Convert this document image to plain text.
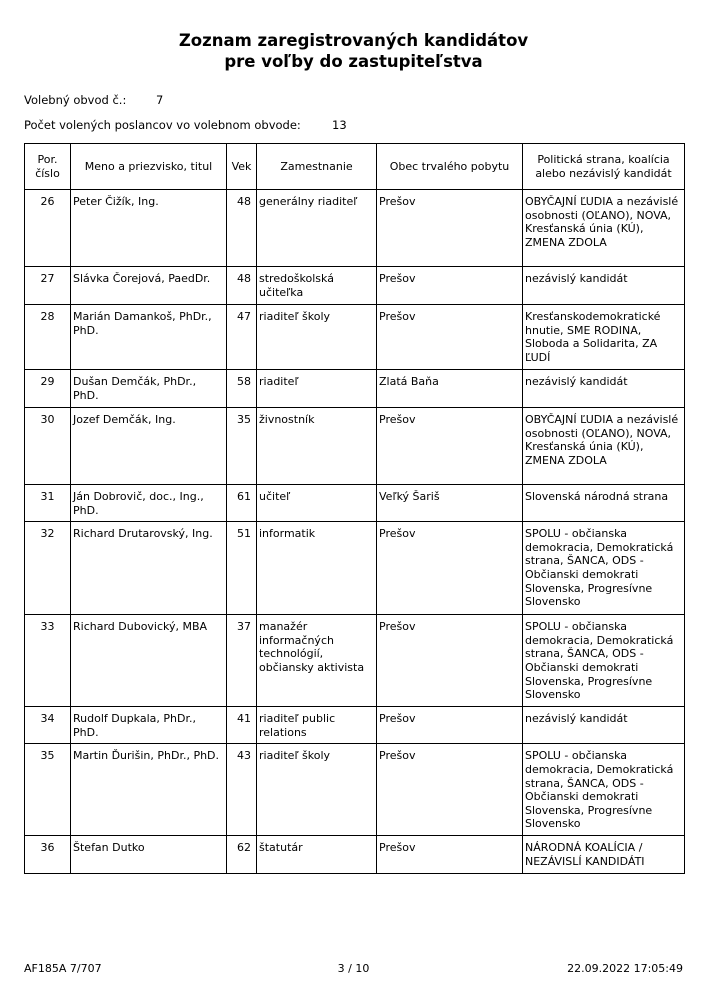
Zoznam zaregistrovaných kandidátov
pre voľby do zastupiteľstva
Volebný obvod č.:	7
Počet volených poslancov vo volebnom obvode:	13
Por. číslo	Meno a priezvisko, titul	Vek	Zamestnanie	Obec trvalého pobytu	Politická strana, koalícia alebo nezávislý kandidát
26	Peter Čižík, Ing.	48	generálny riaditeľ	Prešov	OBYČAJNÍ ĽUDIA a nezávislé osobnosti (OĽANO), NOVA, Kresťanská únia (KÚ), ZMENA ZDOLA
27	Slávka Čorejová, PaedDr.	48	stredoškolská učiteľka	Prešov	nezávislý kandidát
28	Marián Damankoš, PhDr., PhD.	47	riaditeľ školy	Prešov	Kresťanskodemokratické hnutie, SME RODINA, Sloboda a Solidarita, ZA ĽUDÍ
29	Dušan Demčák, PhDr., PhD.	58	riaditeľ	Zlatá Baňa	nezávislý kandidát
30	Jozef Demčák, Ing.	35	živnostník	Prešov	OBYČAJNÍ ĽUDIA a nezávislé osobnosti (OĽANO), NOVA, Kresťanská únia (KÚ), ZMENA ZDOLA
31	Ján Dobrovič, doc., Ing., PhD.	61	učiteľ	Veľký Šariš	Slovenská národná strana
32	Richard Drutarovský, Ing.	51	informatik	Prešov	SPOLU - občianska demokracia, Demokratická strana, ŠANCA, ODS - Občianski demokrati Slovenska, Progresívne Slovensko
33	Richard Dubovický, MBA	37	manažér informačných technológií, občiansky aktivista	Prešov	SPOLU - občianska demokracia, Demokratická strana, ŠANCA, ODS - Občianski demokrati Slovenska, Progresívne Slovensko
34	Rudolf Dupkala, PhDr., PhD.	41	riaditeľ public relations	Prešov	nezávislý kandidát
35	Martin Ďurišin, PhDr., PhD.	43	riaditeľ školy	Prešov	SPOLU - občianska demokracia, Demokratická strana, ŠANCA, ODS - Občianski demokrati Slovenska, Progresívne Slovensko
36	Štefan Dutko	62	štatutár	Prešov	NÁRODNÁ KOALÍCIA / NEZÁVISLÍ KANDIDÁTI
AF185A 7/707	3 / 10	22.09.2022 17:05:49
